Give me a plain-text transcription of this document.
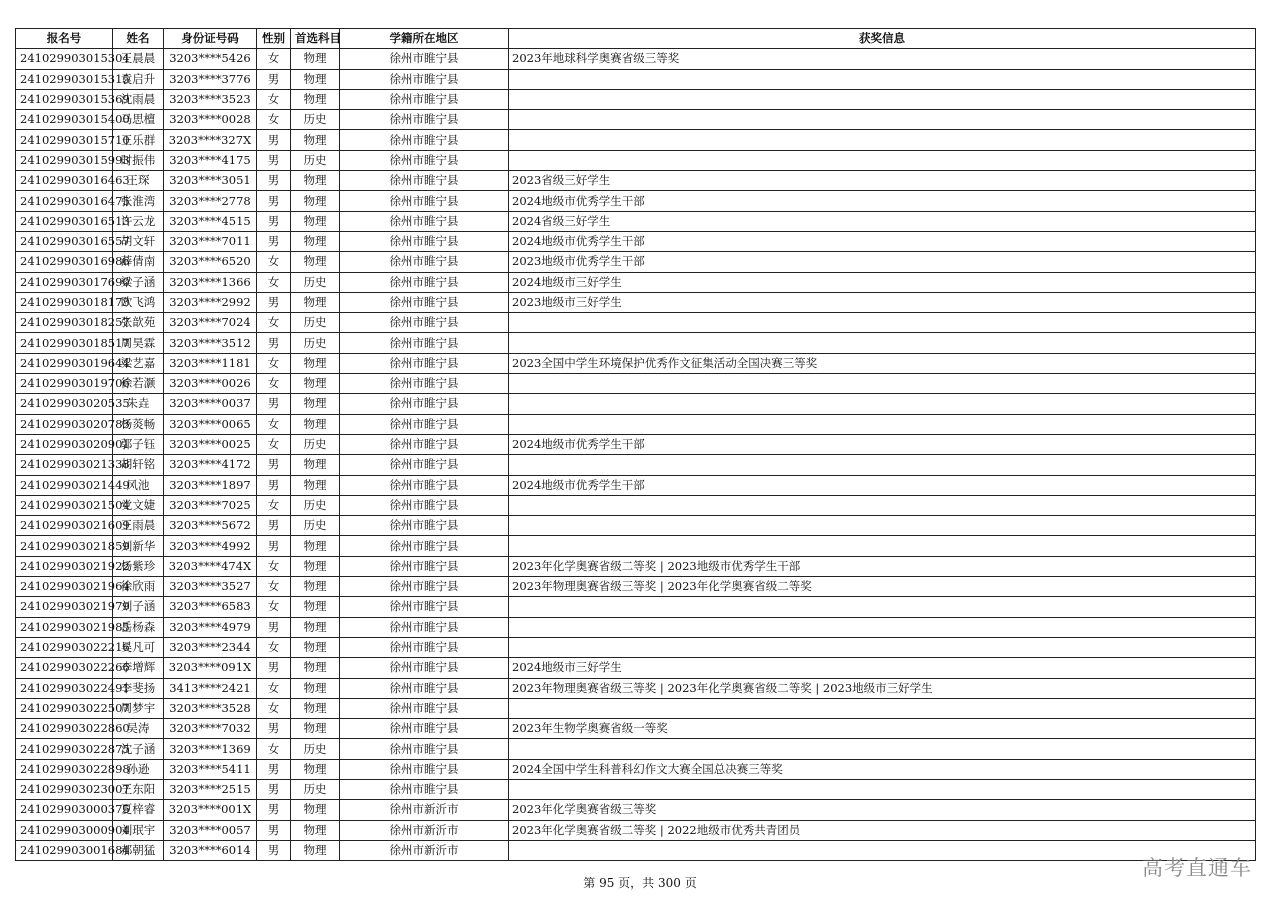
报名号	姓名	身份证号码	性别	首选科目	学籍所在地区	获奖信息
241029903015304	王晨晨	3203****5426	女	物理	徐州市睢宁县	2023年地球科学奥赛省级三等奖
241029903015315	袁启升	3203****3776	男	物理	徐州市睢宁县	
241029903015369	沈雨晨	3203****3523	女	物理	徐州市睢宁县	
241029903015400	马思檀	3203****0028	女	历史	徐州市睢宁县	
241029903015710	王乐群	3203****327X	男	物理	徐州市睢宁县	
241029903015993	时振伟	3203****4175	男	历史	徐州市睢宁县	
241029903016463	王琛	3203****3051	男	物理	徐州市睢宁县	2023省级三好学生
241029903016475	张淮湾	3203****2778	男	物理	徐州市睢宁县	2024地级市优秀学生干部
241029903016513	许云龙	3203****4515	男	物理	徐州市睢宁县	2024省级三好学生
241029903016557	胡文轩	3203****7011	男	物理	徐州市睢宁县	2024地级市优秀学生干部
241029903016986	薛倩南	3203****6520	女	物理	徐州市睢宁县	2023地级市优秀学生干部
241029903017690	梁子涵	3203****1366	女	历史	徐州市睢宁县	2024地级市三好学生
241029903018173	欧飞鸿	3203****2992	男	物理	徐州市睢宁县	2023地级市三好学生
241029903018257	张歆苑	3203****7024	女	历史	徐州市睢宁县	
241029903018517	周昊霖	3203****3512	男	历史	徐州市睢宁县	
241029903019644	梁艺嘉	3203****1181	女	物理	徐州市睢宁县	2023全国中学生环境保护优秀作文征集活动全国决赛三等奖
241029903019706	徐若灏	3203****0026	女	物理	徐州市睢宁县	
241029903020535	朱垚	3203****0037	男	物理	徐州市睢宁县	
241029903020783	杨菼畅	3203****0065	女	物理	徐州市睢宁县	
241029903020901	郭子钰	3203****0025	女	历史	徐州市睢宁县	2024地级市优秀学生干部
241029903021338	胡轩铭	3203****4172	男	物理	徐州市睢宁县	
241029903021449	风池	3203****1897	男	物理	徐州市睢宁县	2024地级市优秀学生干部
241029903021504	党文婕	3203****7025	女	历史	徐州市睢宁县	
241029903021609	王雨晨	3203****5672	男	历史	徐州市睢宁县	
241029903021859	刘新华	3203****4992	男	物理	徐州市睢宁县	
241029903021922	杨紫珍	3203****474X	女	物理	徐州市睢宁县	2023年化学奥赛省级二等奖 | 2023地级市优秀学生干部
241029903021964	徐欣雨	3203****3527	女	物理	徐州市睢宁县	2023年物理奥赛省级三等奖 | 2023年化学奥赛省级二等奖
241029903021979	刘子涵	3203****6583	女	物理	徐州市睢宁县	
241029903021985	岳杨森	3203****4979	男	物理	徐州市睢宁县	
241029903022216	吴凡可	3203****2344	女	物理	徐州市睢宁县	
241029903022266	李增辉	3203****091X	男	物理	徐州市睢宁县	2024地级市三好学生
241029903022491	李斐扬	3413****2421	女	物理	徐州市睢宁县	2023年物理奥赛省级三等奖 | 2023年化学奥赛省级二等奖 | 2023地级市三好学生
241029903022507	周梦宇	3203****3528	女	物理	徐州市睢宁县	
241029903022860	吴涛	3203****7032	男	物理	徐州市睢宁县	2023年生物学奥赛省级一等奖
241029903022875	沈子涵	3203****1369	女	历史	徐州市睢宁县	
241029903022898	孙逊	3203****5411	男	物理	徐州市睢宁县	2024全国中学生科普科幻作文大赛全国总决赛三等奖
241029903023007	王东阳	3203****2515	男	历史	徐州市睢宁县	
241029903000375	夏梓睿	3203****001X	男	物理	徐州市新沂市	2023年化学奥赛省级三等奖
241029903000904	刘珉宇	3203****0057	男	物理	徐州市新沂市	2023年化学奥赛省级二等奖 | 2022地级市优秀共青团员
241029903001684	郝朝猛	3203****6014	男	物理	徐州市新沂市	
第 95 页，共 300 页
高考直通车
